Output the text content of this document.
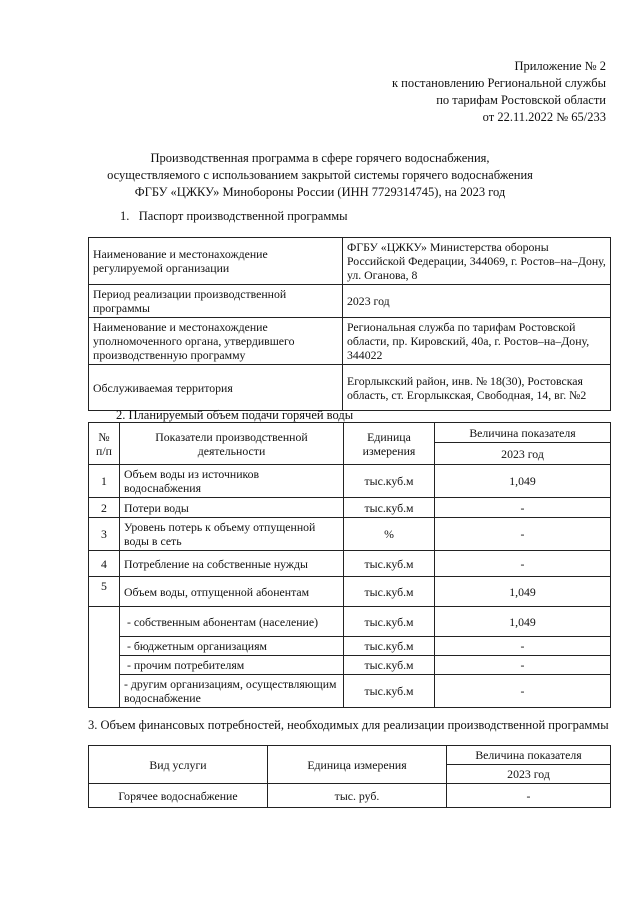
Приложение № 2
к постановлению Региональной службы
по тарифам Ростовской области
от 22.11.2022 № 65/233
Производственная программа в сфере горячего водоснабжения,
осуществляемого с использованием закрытой системы горячего водоснабжения
ФГБУ «ЦЖКУ» Минобороны России (ИНН 7729314745), на 2023 год
1.   Паспорт производственной программы
Наименование и местонахождение регулируемой организации	ФГБУ «ЦЖКУ» Министерства обороны Российской Федерации, 344069, г. Ростов–на–Дону, ул. Оганова, 8
Период реализации производственной программы	2023 год
Наименование и местонахождение уполномоченного органа, утвердившего производственную программу	Региональная служба по тарифам Ростовской области, пр. Кировский, 40а, г. Ростов–на–Дону, 344022
Обслуживаемая территория	Егорлыкский район, инв. № 18(30), Ростовская область, ст. Егорлыкская, Свободная, 14, вг. №2
2. Планируемый объем подачи горячей воды
№ п/п	Показатели производственной деятельности	Единица измерения	Величина показателя
			2023 год
1	Объем воды из источников водоснабжения	тыс.куб.м	1,049
2	Потери воды	тыс.куб.м	-
3	Уровень потерь к объему отпущенной воды в сеть	%	-
4	Потребление на собственные нужды	тыс.куб.м	-
5	Объем воды, отпущенной абонентам	тыс.куб.м	1,049
	- собственным абонентам (население)	тыс.куб.м	1,049
	- бюджетным организациям	тыс.куб.м	-
	- прочим потребителям	тыс.куб.м	-
	- другим организациям, осуществляющим водоснабжение	тыс.куб.м	-
3. Объем финансовых потребностей, необходимых для реализации производственной программы
Вид услуги	Единица измерения	Величина показателя
		2023 год
Горячее водоснабжение	тыс. руб.	-
